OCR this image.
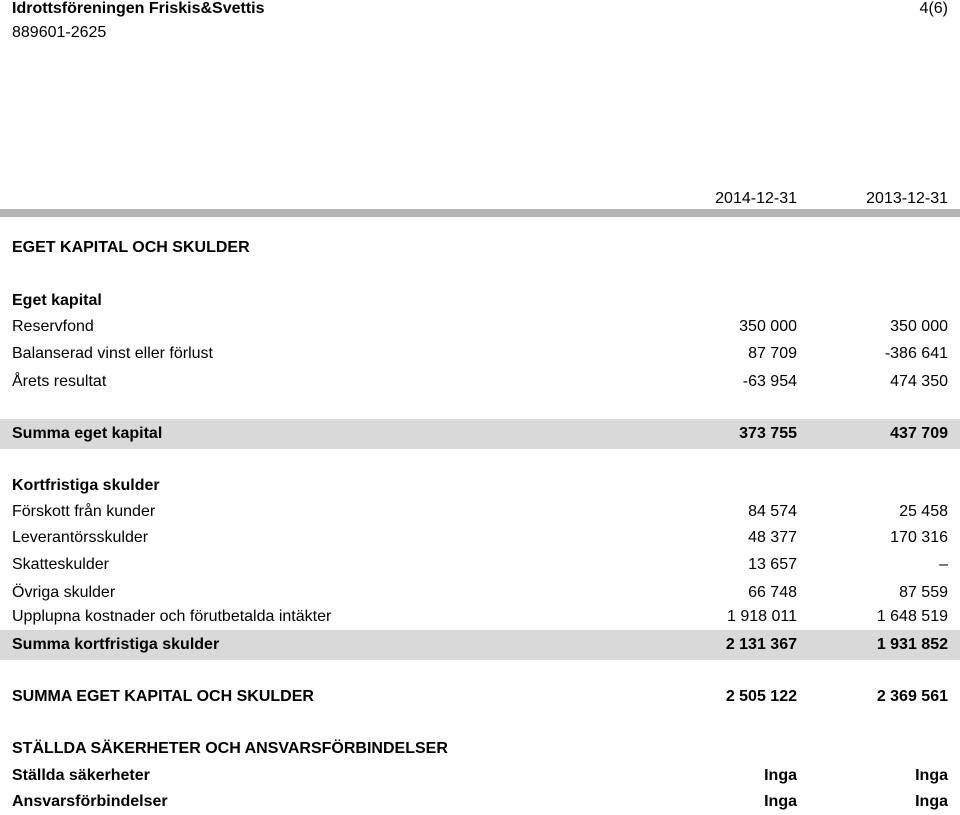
Idrottsföreningen Friskis&Svettis
889601-2625
4(6)
2014-12-31	2013-12-31
EGET KAPITAL OCH SKULDER
Eget kapital
Reservfond	350 000	350 000
Balanserad vinst eller förlust	87 709	-386 641
Årets resultat	-63 954	474 350
Summa eget kapital	373 755	437 709
Kortfristiga skulder
Förskott från kunder	84 574	25 458
Leverantörsskulder	48 377	170 316
Skatteskulder	13 657	–
Övriga skulder	66 748	87 559
Upplupna kostnader och förutbetalda intäkter	1 918 011	1 648 519
Summa kortfristiga skulder	2 131 367	1 931 852
SUMMA EGET KAPITAL OCH SKULDER	2 505 122	2 369 561
STÄLLDA SÄKERHETER OCH ANSVARSFÖRBINDELSER
Ställda säkerheter	Inga	Inga
Ansvarsförbindelser	Inga	Inga
